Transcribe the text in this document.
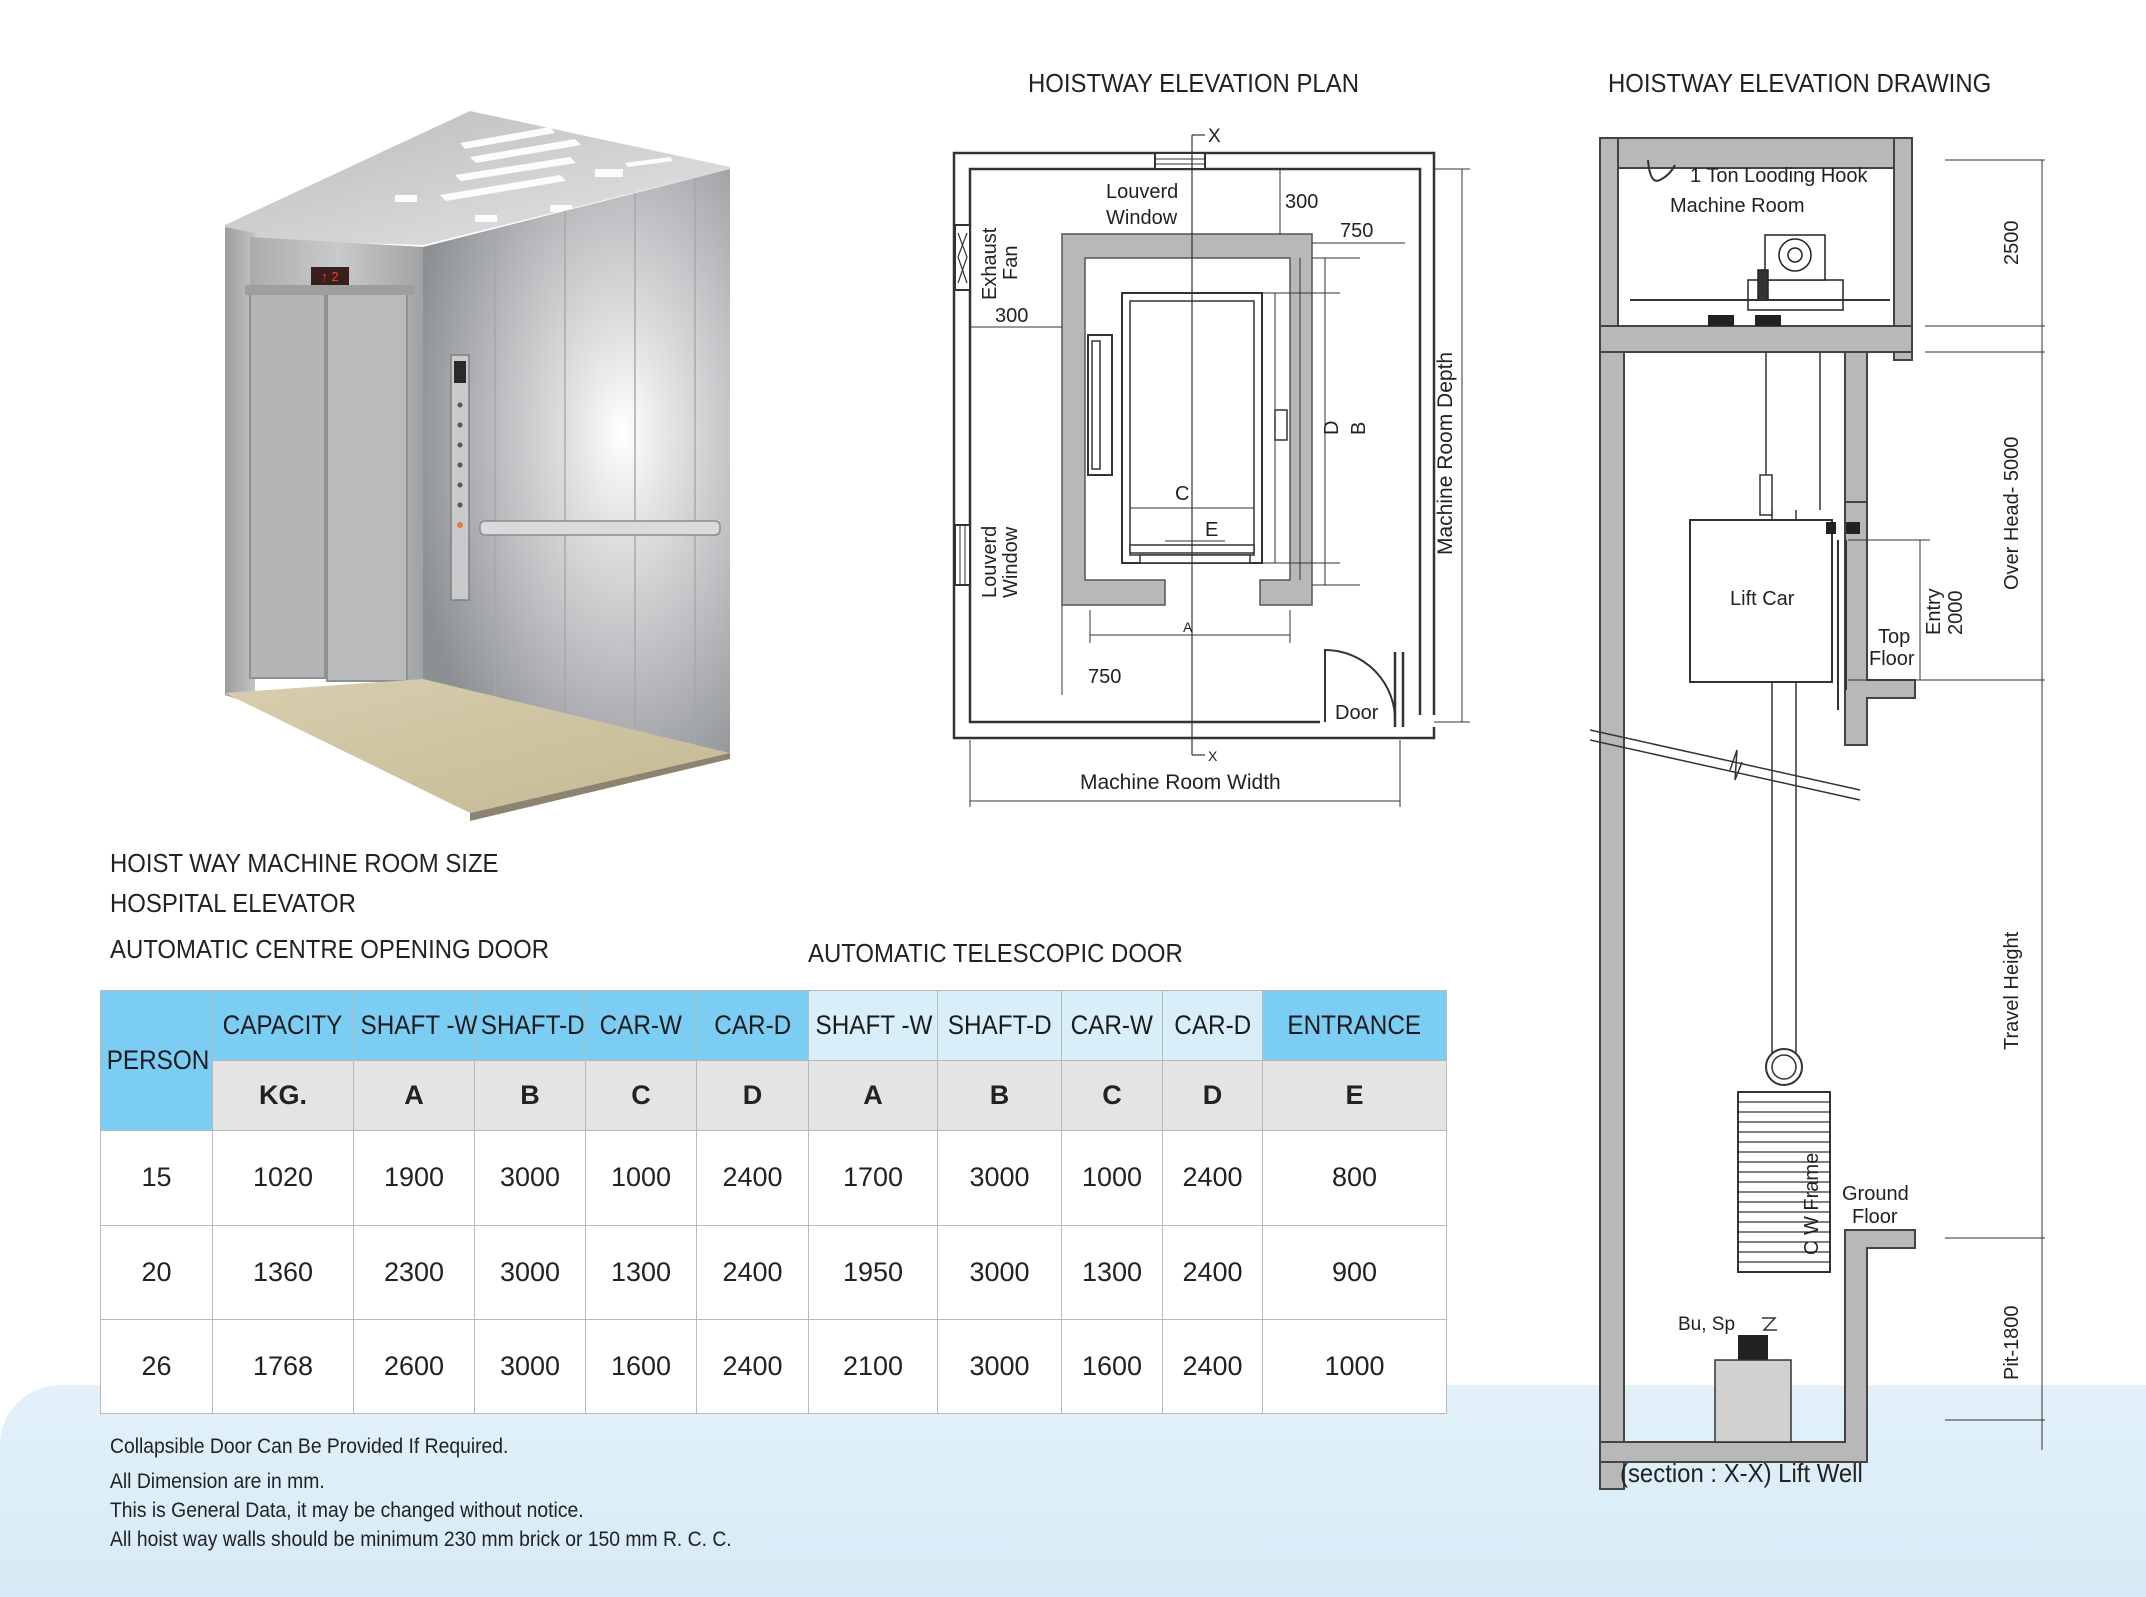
↑ 2
HOISTWAY ELEVATION PLAN
X
X
300
750
Louverd
Window
300
Exhaust Fan
Louverd Window
D B
C
E
A
750
Door
Machine Room Width
Machine Room Depth
HOISTWAY ELEVATION DRAWING
1 Ton Looding Hook
Machine Room
Lift Car	Entry 2000
Top
Floor
C W Frame Ground
Floor
Bu, Sp
2500
Over Head- 5000
Travel Height
Pit-1800
(section : X-X) Lift Well
HOIST WAY MACHINE ROOM SIZE
HOSPITAL ELEVATOR
AUTOMATIC CENTRE OPENING DOOR	AUTOMATIC TELESCOPIC DOOR
PERSON	CAPACITY	SHAFT -W	SHAFT-D	CAR-W	CAR-D	SHAFT -W	SHAFT-D	CAR-W	CAR-D	ENTRANCE
	KG.	A	B	C	D	A	B	C	D	E
15	1020	1900	3000	1000	2400	1700	3000	1000	2400	800
20	1360	2300	3000	1300	2400	1950	3000	1300	2400	900
26	1768	2600	3000	1600	2400	2100	3000	1600	2400	1000
Collapsible Door Can Be Provided If Required.
All Dimension are in mm.
This is General Data, it may be changed without notice.
All hoist way walls should be minimum 230 mm brick or 150 mm R. C. C.
